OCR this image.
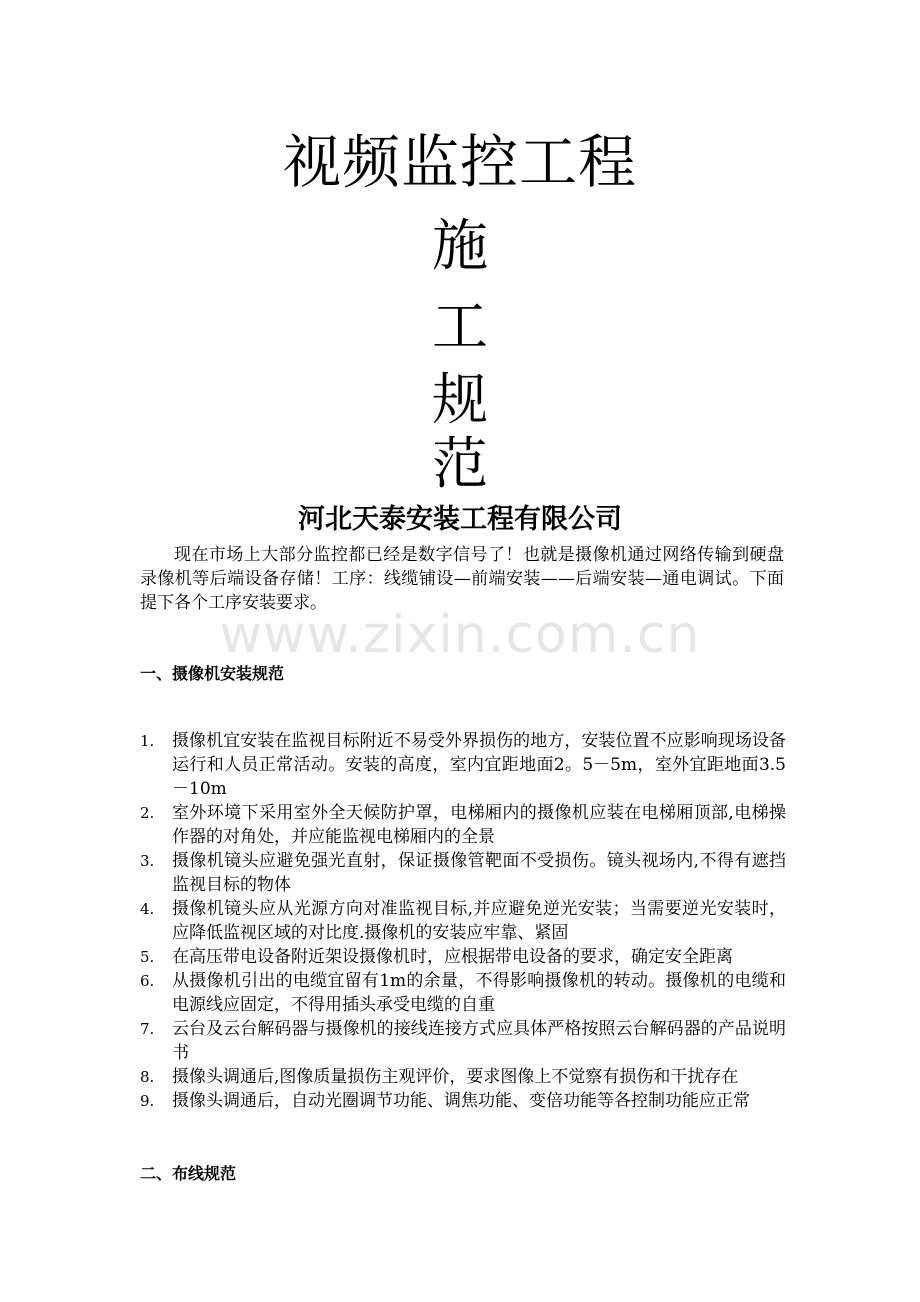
视频监控工程
施
工
规
范
河北天泰安装工程有限公司

现在市场上大部分监控都已经是数字信号了！也就是摄像机通过网络传输到硬盘录像机等后端设备存储！工序：线缆铺设—前端安装——后端安装—通电调试。下面提下各个工序安装要求。

www.zixin.com.cn
一、摄像机安装规范
1.	摄像机宜安装在监视目标附近不易受外界损伤的地方，安装位置不应影响现场设备运行和人员正常活动。安装的高度，室内宜距地面2。5－5m，室外宜距地面3.5－10m
2.	室外环境下采用室外全天候防护罩，电梯厢内的摄像机应装在电梯厢顶部,电梯操作器的对角处，并应能监视电梯厢内的全景
3.	摄像机镜头应避免强光直射，保证摄像管靶面不受损伤。镜头视场内,不得有遮挡监视目标的物体
4.	摄像机镜头应从光源方向对准监视目标,并应避免逆光安装；当需要逆光安装时，应降低监视区域的对比度.摄像机的安装应牢靠、紧固
5.	在高压带电设备附近架设摄像机时，应根据带电设备的要求，确定安全距离
6.	从摄像机引出的电缆宜留有1m的余量，不得影响摄像机的转动。摄像机的电缆和电源线应固定，不得用插头承受电缆的自重
7.	云台及云台解码器与摄像机的接线连接方式应具体严格按照云台解码器的产品说明书
8.	摄像头调通后,图像质量损伤主观评价，要求图像上不觉察有损伤和干扰存在
9.	摄像头调通后，自动光圈调节功能、调焦功能、变倍功能等各控制功能应正常
二、布线规范
